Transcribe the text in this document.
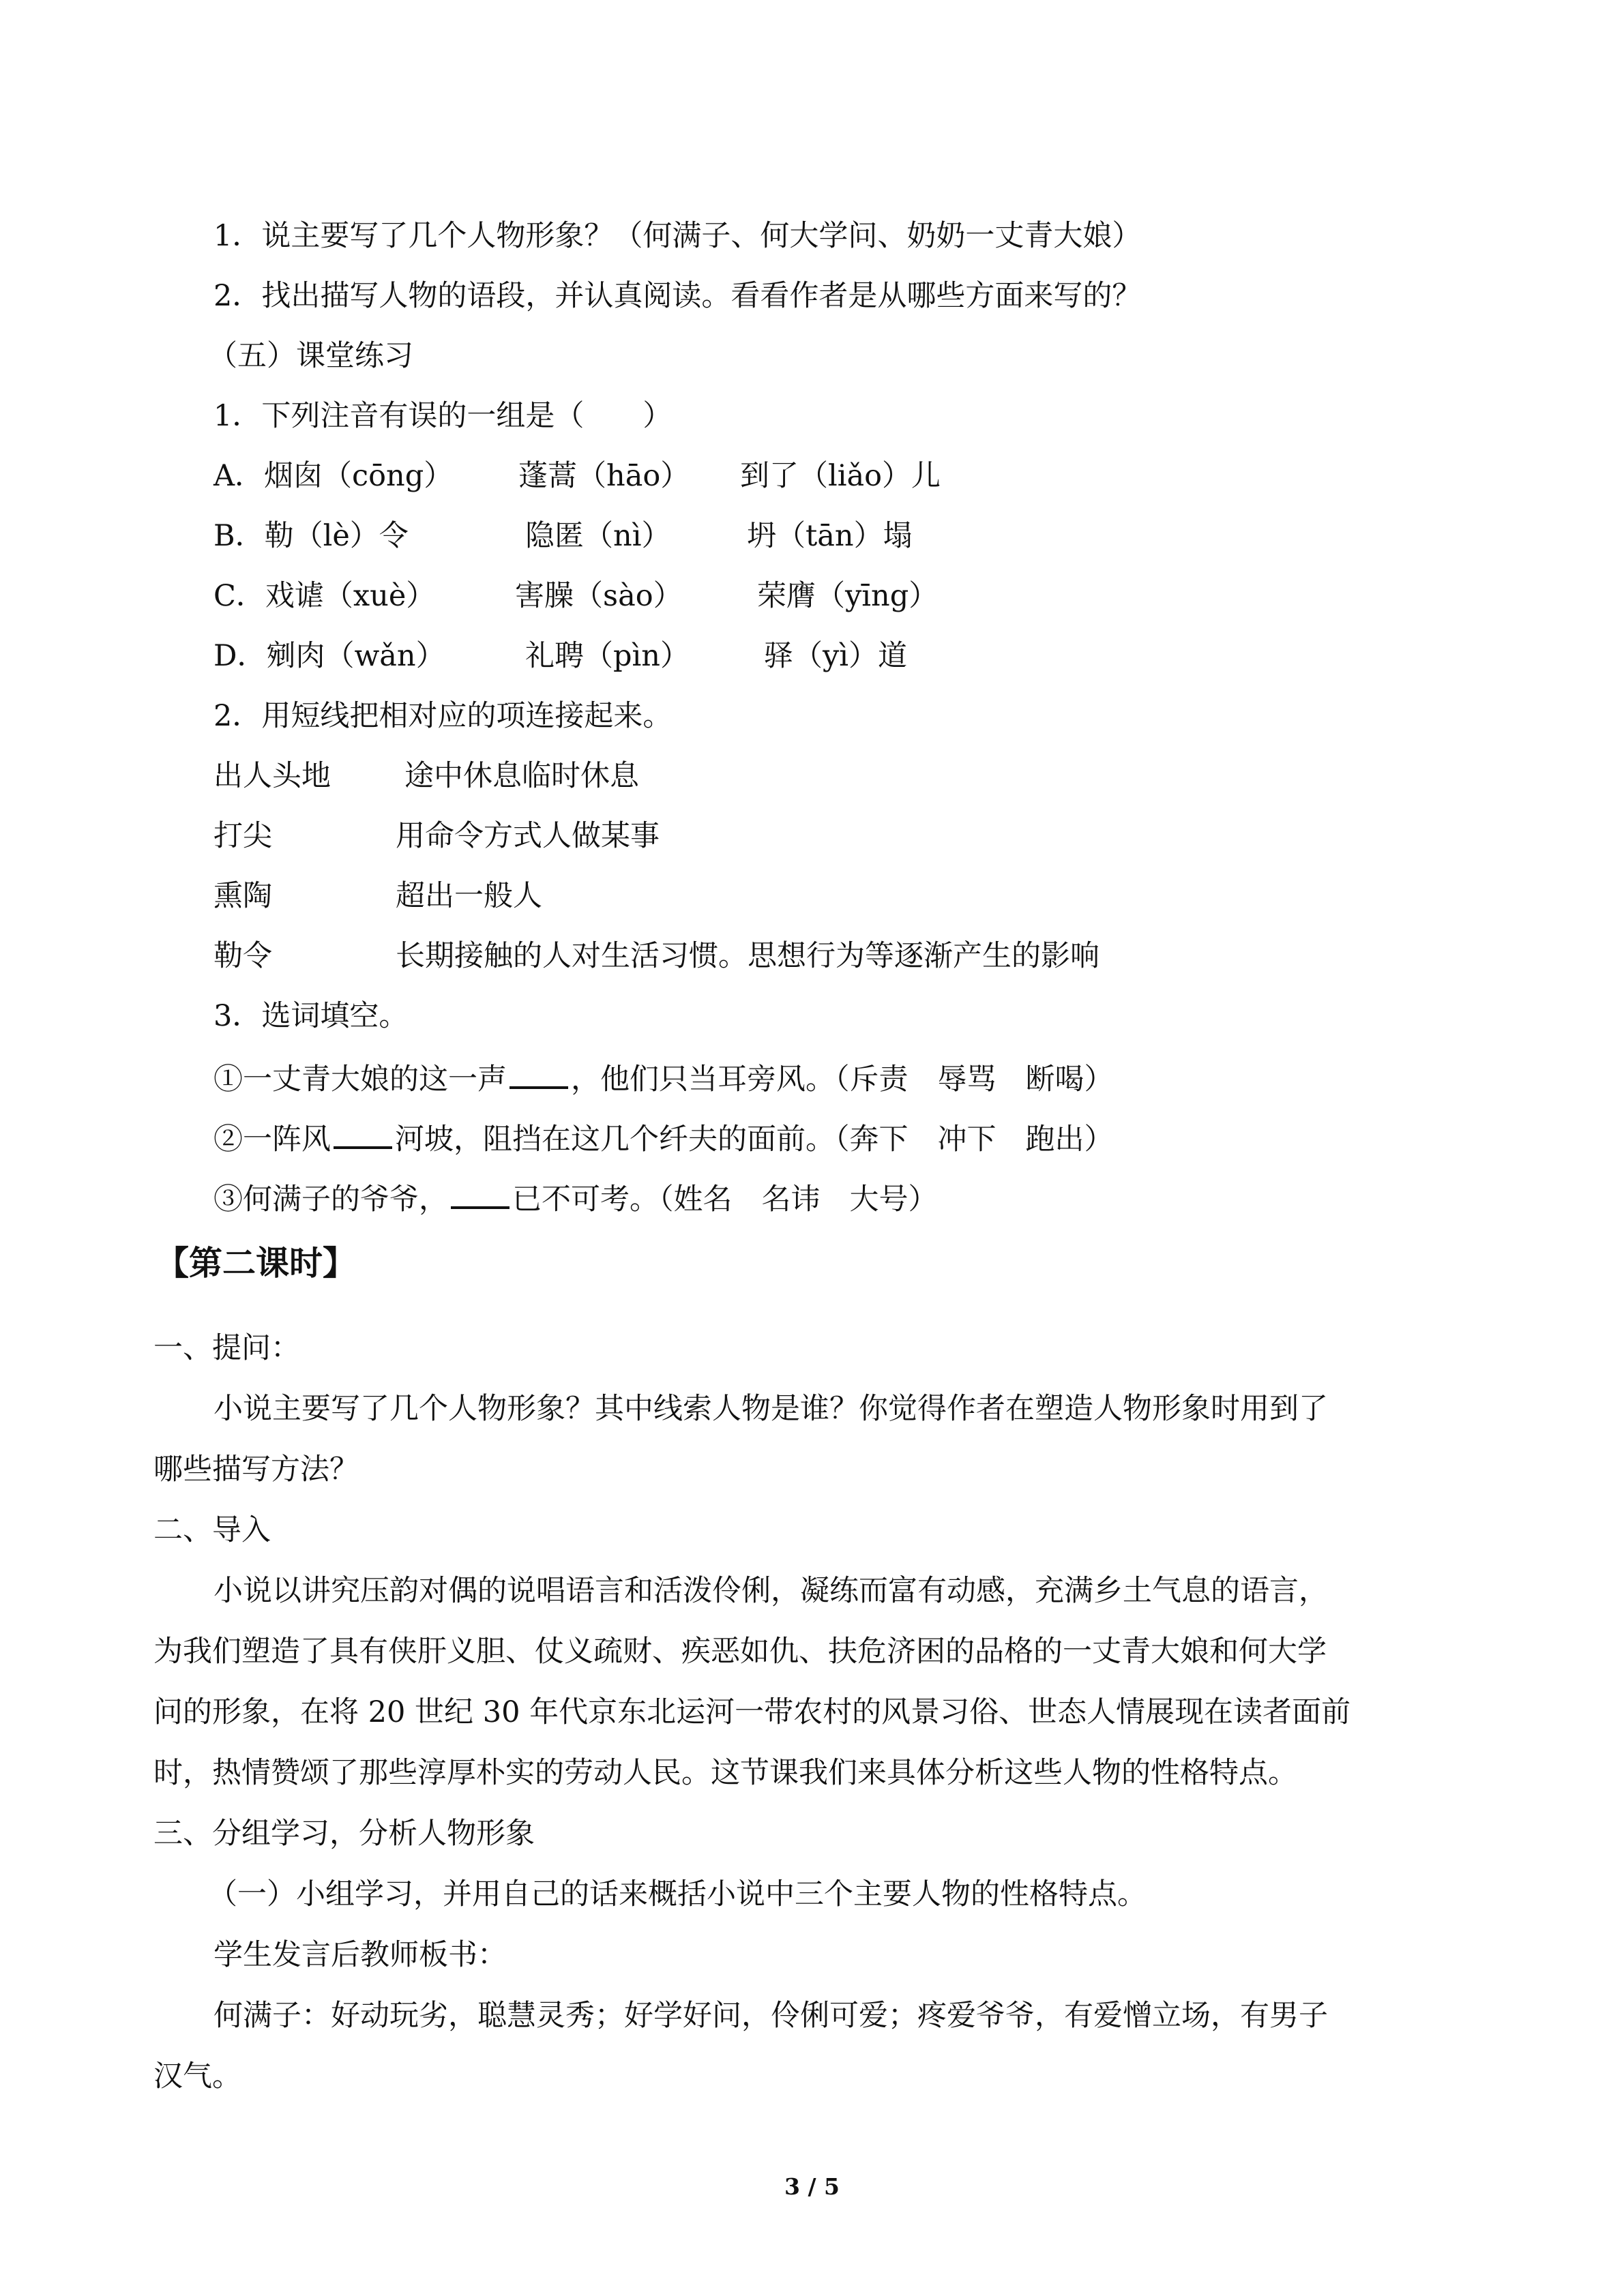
1．说主要写了几个人物形象？（何满子、何大学问、奶奶一丈青大娘）
2．找出描写人物的语段，并认真阅读。看看作者是从哪些方面来写的？
（五）课堂练习
1．下列注音有误的一组是（　　）
A．烟囱（cōng） 蓬蒿（hāo） 到了（liǎo）儿
B．勒（lè）令	隐匿（nì）	坍（tān）塌
C．戏谑（xuè）	害臊（sào）	荣膺（yīng）
D．剜肉（wǎn）	礼聘（pìn）	驿（yì）道
2．用短线把相对应的项连接起来。
出人头地	途中休息临时休息
打尖	用命令方式人做某事
熏陶	超出一般人
勒令	长期接触的人对生活习惯。思想行为等逐渐产生的影响
3．选词填空。
①一丈青大娘的这一声 ，他们只当耳旁风。（斥责　辱骂　断喝）
②一阵风 河坡，阻挡在这几个纤夫的面前。（奔下　冲下　跑出）
③何满子的爷爷， 已不可考。（姓名　名讳　大号）
【第二课时】
一、提问：
小说主要写了几个人物形象？其中线索人物是谁？你觉得作者在塑造人物形象时用到了
哪些描写方法？
二、导入
小说以讲究压韵对偶的说唱语言和活泼伶俐，凝练而富有动感，充满乡土气息的语言，
为我们塑造了具有侠肝义胆、仗义疏财、疾恶如仇、扶危济困的品格的一丈青大娘和何大学
问的形象，在将 20 世纪 30 年代京东北运河一带农村的风景习俗、世态人情展现在读者面前
时，热情赞颂了那些淳厚朴实的劳动人民。这节课我们来具体分析这些人物的性格特点。
三、分组学习，分析人物形象
（一）小组学习，并用自己的话来概括小说中三个主要人物的性格特点。
学生发言后教师板书：
何满子：好动玩劣，聪慧灵秀；好学好问，伶俐可爱；疼爱爷爷，有爱憎立场，有男子
汉气。
3 / 5
